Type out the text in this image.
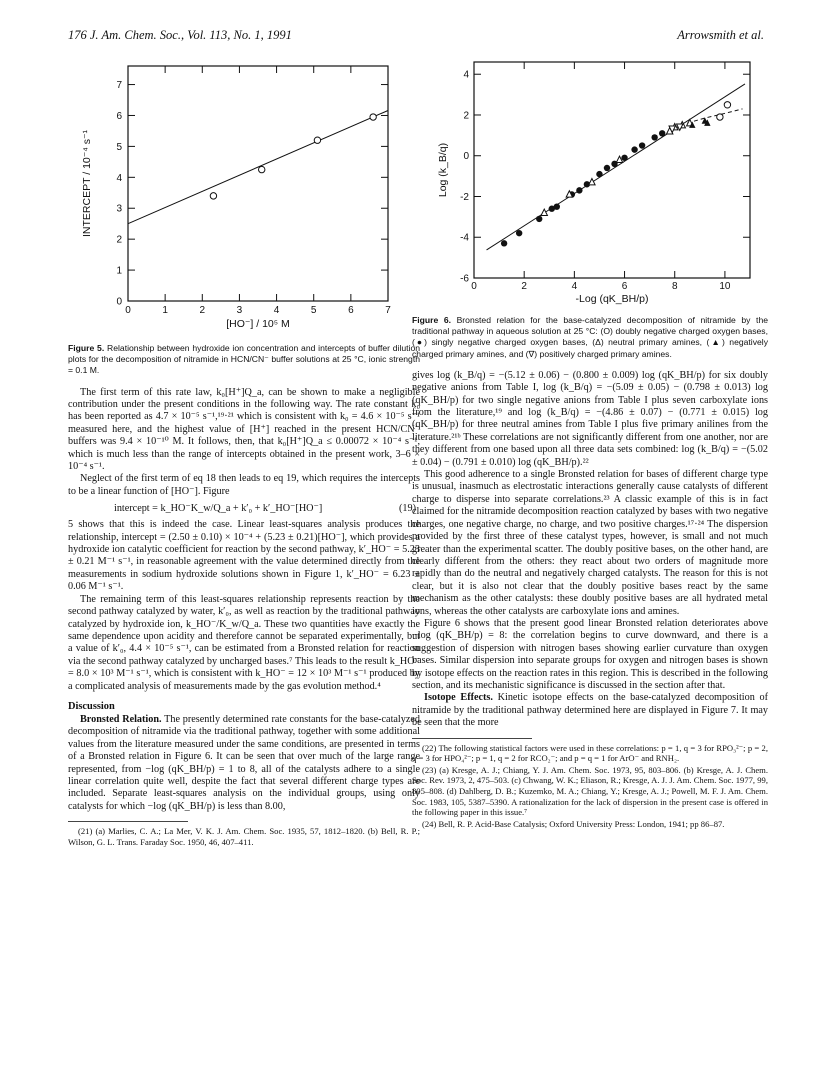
176 J. Am. Chem. Soc., Vol. 113, No. 1, 1991	Arrowsmith et al.
0	1	2	3	4	5	6	7
0
1
2
3
4
5
6
7
[HO⁻] / 10⁵ M
INTERCEPT / 10⁻⁴ s⁻¹
Figure 5. Relationship between hydroxide ion concentration and intercepts of buffer dilution plots for the decomposition of nitramide in HCN/CN⁻ buffer solutions at 25 °C, ionic strength = 0.1 M.

The first term of this rate law, k₀[H⁺]Q_a, can be shown to make a negligible contribution under the present conditions in the following way. The rate constant k₀ has been reported as 4.7 × 10⁻⁵ s⁻¹,¹⁹·²¹ which is consistent with k₀ = 4.6 × 10⁻⁵ s⁻¹ measured here, and the highest value of [H⁺] reached in the present HCN/CN⁻ buffers was 9.4 × 10⁻¹⁰ M. It follows, then, that k₀[H⁺]Q_a ≤ 0.00072 × 10⁻⁴ s⁻¹, which is much less than the range of intercepts obtained in the present work, 3–6 × 10⁻⁴ s⁻¹.

Neglect of the first term of eq 18 then leads to eq 19, which requires the intercepts to be a linear function of [HO⁻]. Figure

intercept = k_HO⁻K_w/Q_a + k′₀ + k′_HO⁻[HO⁻]	(19)

5 shows that this is indeed the case. Linear least-squares analysis produces the relationship, intercept = (2.50 ± 0.10) × 10⁻⁴ + (5.23 ± 0.21)[HO⁻], which provides a hydroxide ion catalytic coefficient for reaction by the second pathway, k′_HO⁻ = 5.23 ± 0.21 M⁻¹ s⁻¹, in reasonable agreement with the value determined directly from the measurements in sodium hydroxide solutions shown in Figure 1, k′_HO⁻ = 6.23 ± 0.06 M⁻¹ s⁻¹.

The remaining term of this least-squares relationship represents reaction by the second pathway catalyzed by water, k′₀, as well as reaction by the traditional pathway catalyzed by hydroxide ion, k_HO⁻/K_w/Q_a. These two quantities have exactly the same dependence upon acidity and therefore cannot be separated experimentally, but a value of k′₀, 4.4 × 10⁻⁵ s⁻¹, can be estimated from a Bronsted relation for reaction via the second pathway catalyzed by uncharged bases.⁷ This leads to the result k_HO⁻ = 8.0 × 10³ M⁻¹ s⁻¹, which is consistent with k_HO⁻ = 12 × 10³ M⁻¹ s⁻¹ produced by a complicated analysis of measurements made by the gas evolution method.⁴

Discussion

Bronsted Relation. The presently determined rate constants for the base-catalyzed decomposition of nitramide via the traditional pathway, together with some additional values from the literature measured under the same conditions, are presented in terms of a Bronsted relation in Figure 6. It can be seen that over much of the large range represented, from −log (qK_BH/p) = 1 to 8, all of the catalysts adhere to a single linear correlation quite well, despite the fact that several different charge types are included. Separate least-squares analysis on the individual groups, using only catalysts for which −log (qK_BH/p) is less than 8.00,

(21) (a) Marlies, C. A.; La Mer, V. K. J. Am. Chem. Soc. 1935, 57, 1812–1820. (b) Bell, R. P.; Wilson, G. L. Trans. Faraday Soc. 1950, 46, 407–411.
0	2	4	6	8	10
-6
-4
-2
0
2
4
-Log (qK_BH/p)
Log (k_B/q)
Figure 6. Bronsted relation for the base-catalyzed decomposition of nitramide by the traditional pathway in aqueous solution at 25 °C: (O) doubly negative charged oxygen bases, (●) singly negative charged oxygen bases, (Δ) neutral primary amines, (▲) negatively charged primary amines, and (∇) positively charged primary amines.

gives log (k_B/q) = −(5.12 ± 0.06) − (0.800 ± 0.009) log (qK_BH/p) for six doubly negative anions from Table I, log (k_B/q) = −(5.09 ± 0.05) − (0.798 ± 0.013) log (qK_BH/p) for two single negative anions from Table I plus seven carboxylate ions from the literature,¹⁹ and log (k_B/q) = −(4.86 ± 0.07) − (0.771 ± 0.015) log (qK_BH/p) for three neutral amines from Table I plus five primary anilines from the literature.²¹ᵇ These correlations are not significantly different from one another, nor are they different from one based upon all three data sets combined: log (k_B/q) = −(5.02 ± 0.04) − (0.791 ± 0.010) log (qK_BH/p).²²

This good adherence to a single Bronsted relation for bases of different charge type is unusual, inasmuch as electrostatic interactions generally cause catalysts of different charge to disperse into separate correlations.²³ A classic example of this is in fact claimed for the nitramide decomposition reaction catalyzed by bases with two negative charges, one negative charge, no charge, and two positive charges.¹⁷·²⁴ The dispersion provided by the first three of these catalyst types, however, is small and not much greater than the experimental scatter. The doubly positive bases, on the other hand, are clearly different from the others: they react about two orders of magnitude more rapidly than do the neutral and negatively charged catalysts. The reason for this is not clear, but it is also not clear that the doubly positive bases react by the same mechanism as the other catalysts: these doubly positive bases are all hydrated metal ions, whereas the other catalysts are carboxylate ions and amines.

Figure 6 shows that the present good linear Bronsted relation deteriorates above −log (qK_BH/p) = 8: the correlation begins to curve downward, and there is a suggestion of dispersion with nitrogen bases showing earlier curvature than oxygen bases. Similar dispersion into separate groups for oxygen and nitrogen bases is shown by isotope effects on the reaction rates in this region. This is described in the following section, and its mechanistic significance is discussed in the section after that.

Isotope Effects. Kinetic isotope effects on the base-catalyzed decomposition of nitramide by the traditional pathway determined here are displayed in Figure 7. It may be seen that the more

(22) The following statistical factors were used in these correlations: p = 1, q = 3 for RPO₃²⁻; p = 2, q = 3 for HPO₄²⁻; p = 1, q = 2 for RCO₂⁻; and p = q = 1 for ArO⁻ and RNH₂.
(23) (a) Kresge, A. J.; Chiang, Y. J. Am. Chem. Soc. 1973, 95, 803–806. (b) Kresge, A. J. Chem. Soc. Rev. 1973, 2, 475–503. (c) Chwang, W. K.; Eliason, R.; Kresge, A. J. J. Am. Chem. Soc. 1977, 99, 805–808. (d) Dahlberg, D. B.; Kuzemko, M. A.; Chiang, Y.; Kresge, A. J.; Powell, M. F. J. Am. Chem. Soc. 1983, 105, 5387–5390. A rationalization for the lack of dispersion in the present case is offered in the following paper in this issue.⁷
(24) Bell, R. P. Acid-Base Catalysis; Oxford University Press: London, 1941; pp 86–87.
